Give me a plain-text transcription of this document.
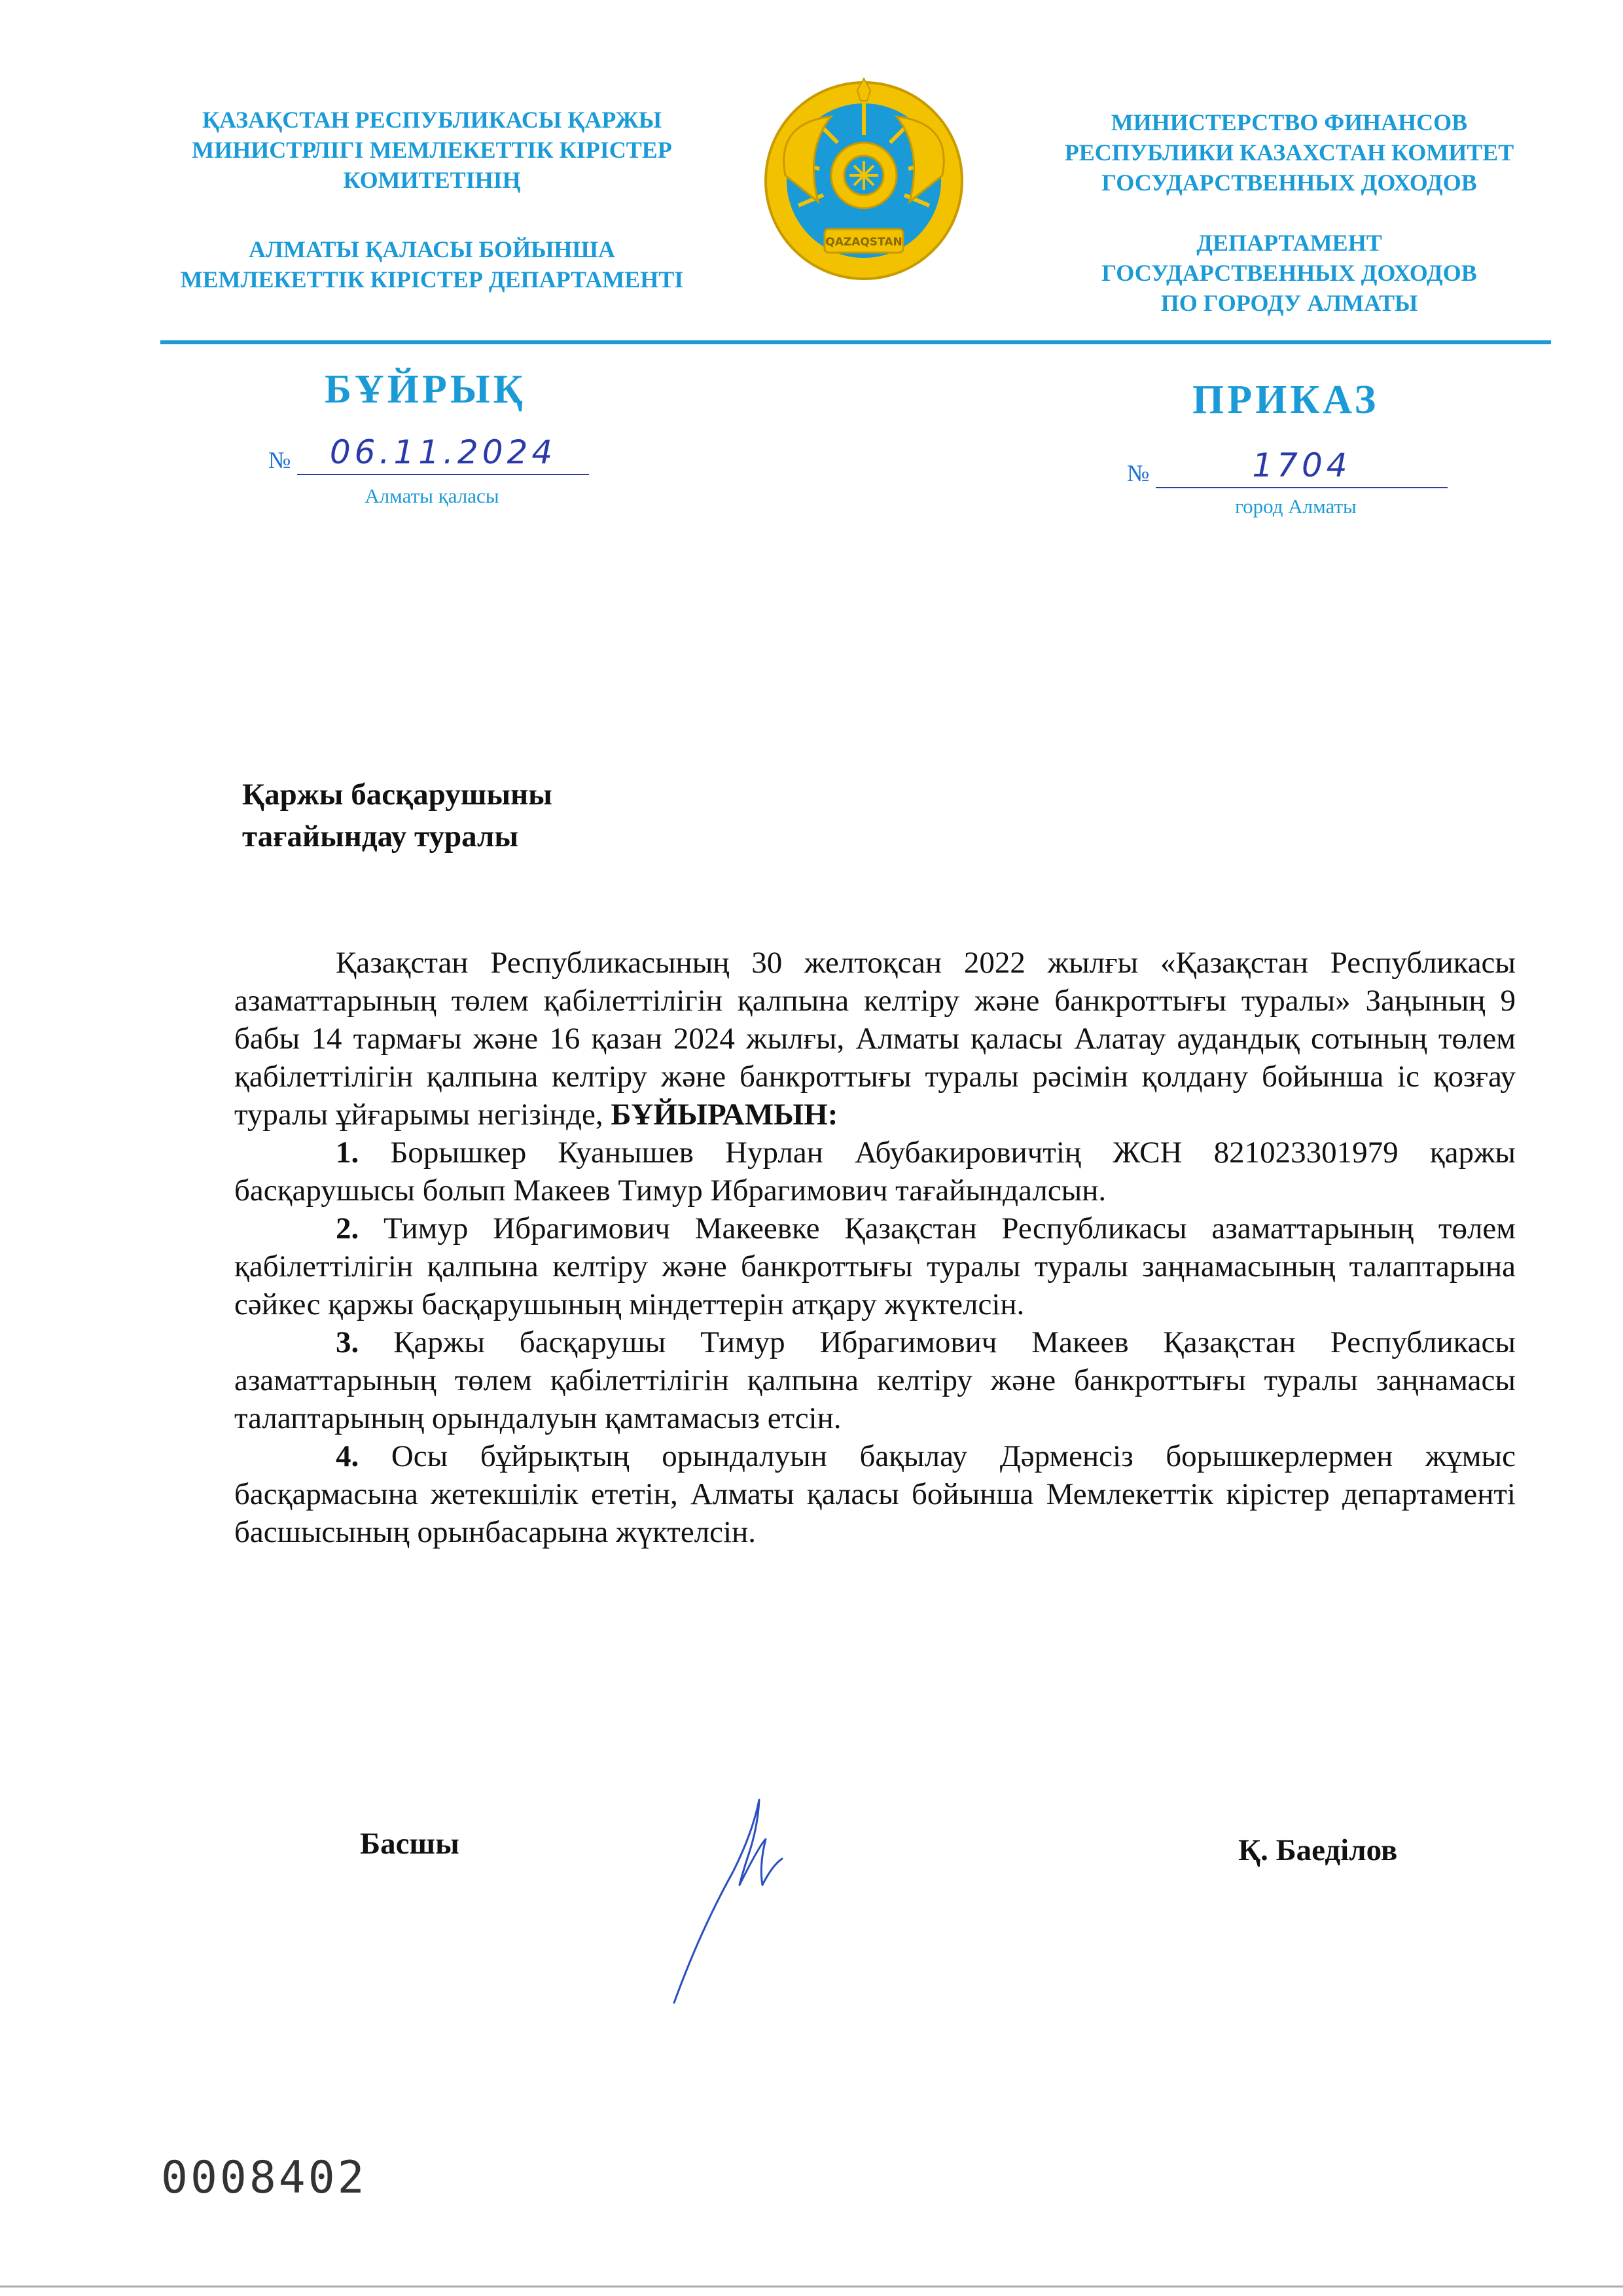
ҚАЗАҚСТАН РЕСПУБЛИКАСЫ ҚАРЖЫ
МИНИСТРЛІГІ МЕМЛЕКЕТТІК КІРІСТЕР
КОМИТЕТІНІҢ
АЛМАТЫ ҚАЛАСЫ БОЙЫНША
МЕМЛЕКЕТТІК КІРІСТЕР ДЕПАРТАМЕНТІ
QAZAQSTAN
МИНИСТЕРСТВО ФИНАНСОВ
РЕСПУБЛИКИ КАЗАХСТАН КОМИТЕТ
ГОСУДАРСТВЕННЫХ ДОХОДОВ
ДЕПАРТАМЕНТ
ГОСУДАРСТВЕННЫХ ДОХОДОВ
ПО ГОРОДУ АЛМАТЫ
БҰЙРЫҚ	ПРИКАЗ
№	06.11.2024
№	1704
Алматы қаласы	город Алматы
Қаржы басқарушыны
тағайындау туралы

Қазақстан Республикасының 30 желтоқсан 2022 жылғы «Қазақстан Республикасы азаматтарының төлем қабілеттілігін қалпына келтіру және банкроттығы туралы» Заңының 9 бабы 14 тармағы және 16 қазан 2024 жылғы, Алматы қаласы Алатау аудандық сотының төлем қабілеттілігін қалпына келтіру және банкроттығы туралы рәсімін қолдану бойынша іс қозғау туралы ұйғарымы негізінде, БҰЙЫРАМЫН:

1. Борышкер Куанышев Нурлан Абубакировичтің ЖСН 821023301979 қаржы басқарушысы болып Макеев Тимур Ибрагимович тағайындалсын.

2. Тимур Ибрагимович Макеевке Қазақстан Республикасы азаматтарының төлем қабілеттілігін қалпына келтіру және банкроттығы туралы туралы заңнамасының талаптарына сәйкес қаржы басқарушының міндеттерін атқару жүктелсін.

3. Қаржы басқарушы Тимур Ибрагимович Макеев Қазақстан Республикасы азаматтарының төлем қабілеттілігін қалпына келтіру және банкроттығы туралы заңнамасы талаптарының орындалуын қамтамасыз етсін.

4. Осы бұйрықтың орындалуын бақылау Дәрменсіз борышкерлермен жұмыс басқармасына жетекшілік ететін, Алматы қаласы бойынша Мемлекеттік кірістер департаменті басшысының орынбасарына жүктелсін.

Басшы	Қ. Баеділов
0008402
